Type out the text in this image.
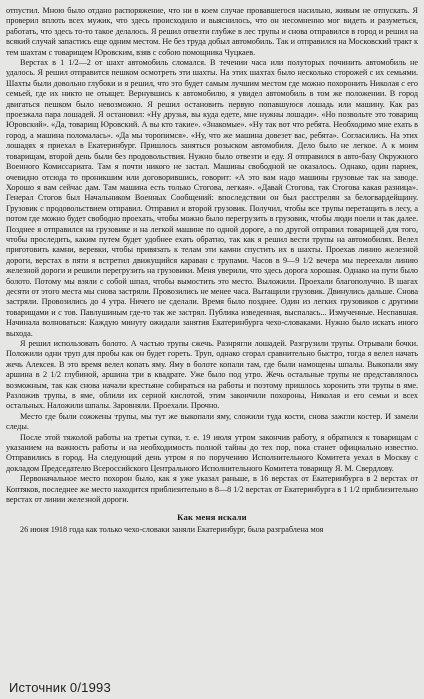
отпустил. Мною было отдано распоряжение, что ни в коем случае провавшегося насильно, живым не отпускать. Я проверил вплоть всех мужик, что здесь происходило и выяснилось, что он несомненно мог видеть и разуметься, работать, что здесь то-то такое делалось. Я решил отвезти глубже в лес трупы и снова отправился в город и решил на всякий случай запастись еще одним местом. Не без труда добыл автомобиль. Так и отправился на Московский тракт к тем шахтам с товарищем Юровским, взяв с собою помощника Чуцкаев.

Верстах в 1 1/2—2 от шахт автомобиль сломался. В течении часа или полуторых починить автомобиль не удалось. Я решил отправится пешком осмотреть эти шахты. На этих шахтах было несколько сторожей с их семьями. Шахты были довольно глубоки и я решил, что это будет самым лучшим местом где можно похоронить Николая с его семьей, где их никто не отыщет. Вернувшись к автомобилю, я увидел автомобиль в том же положении. В город двигаться пешком было невозможно. Я решил остановить первую попавшуюся лошадь или машину. Как раз проезжала пара лошадей. Я остановил: «Ну друзья, вы куда едете, мне нужны лошади». «Но позвольте это товарищ Юровский». «Да, товарищ Юровский. А вы кто такие». «Знакомые». «Ну так вот что ребята. Необходимо мне ехать в город, а машина поломалась». «Да мы торопимся». «Ну, что же машина довезет вас, ребята». Согласились. На этих лошадях я приехал в Екатеринбург. Пришлось заняться розыском автомобиля. Дело было не легкое. А к моим товарищам, второй день были без продовольствия. Нужно было отвезти и еду. Я отправился в авто-базу Окружного Военного Комиссариата. Там я почти никого не застал. Машины свободной не оказалось. Однако, один парнек, очевидно отсюда то проникшим или договорившись, говорит: «А это вам надо машины грузовые так на заводе. Хорошо я вам сейчас дам. Там машина есть только Стогова, легкая». «Давай Стогова, так Стогова какая разница». Генерал Стогов был Начальником Военных Сообщений: впоследствии он был расстрелян за белогвардейщину. Грузовик с продовольствием отправил. Отправил и второй грузовик. Получил, чтобы все трупы перетащить в лесу, а потом где можно будет свободно проехать, чтобы можно было перегрузить в грузовик, чтобы люди поели и так далее. Позднее я отправился на грузовике и на легкой машине по одной дороге, а по другой отправил товарищей для того, чтобы проследить, каким путем будет удобнее ехать обратно, так как я решил вести трупы на автомобилях. Велел приготовить камни, веревки, чтобы привязать к телам эти камни спустить их в шахты. Проехав линию железной дороги, верстах в пяти я встретил движущийся караван с трупами. Часов в 9—9 1/2 вечера мы переехали линию железной дороги и решили перегрузить на грузовики. Меня уверили, что здесь дорога хорошая. Однако на пути было болото. Потому мы взяли с собой шпал, чтобы вымостить это место. Выложили. Проехали благополучно. В шагах десяти от этого места мы снова застряли. Провозились не менее часа. Вытащили грузовик. Двинулись дальше. Снова застряли. Провозились до 4 утра. Ничего не сделали. Время было позднее. Один из легких грузовиков с другими товарищами и с тов. Павлушиным где-то так же застрял. Публика изведенная, выспалась... Измученные. Неспавшая. Начинала волноваться: Каждую минуту ожидали занятия Екатеринбурга чехо-словаками. Нужно было искать иного выхода.

Я решил использовать болото. А частью трупы сжечь. Разнрягли лошадей. Разгрузили трупы. Отрывали бочки. Положили одни труп для пробы как он будет гореть. Труп, однако сгорал сравнительно быстро, тогда я велел начать жечь Алексея. В это время велел копать яму. Яму в болоте копали там, где были намощены шпалы. Выкопали яму аршина в 2 1/2 глубиной, аршина три в квадрате. Уже было под утро. Жечь остальные трупы не представлялось возможным, так как снова начали крестьяне собираться на работы и поэтому пришлось хоронить эти трупы в яме. Разложив трупы, в яме, облили их серной кислотой, этим закончили похороны, Николая и его семьи и всех остальных. Наложили шпалы. Заровняли. Проехали. Прочно.

Место где были сожжены трупы, мы тут же выкопали яму, сложили туда кости, снова зажгли костер. И замели следы.

После этой тяжолой работы на третьи сутки, т. е. 19 июля утром закончив работу, я обратился к товарищам с указанием на важность работы и на необходимость полной тайны до тех пор, пока станет официально известно. Отправились в город. На следующий день утром я по поручению Исполнительного Комитета уехал в Москву с докладом Председателю Всероссийского Центрального Исполнительного Комитета товарищу Я. М. Свердлову.

Первоначальное место похорон было, как я уже указал раньше, в 16 верстах от Екатеринбурга в 2 верстах от Коптяков, последнее же место находится приблизительно в 8—8 1/2 верстах от Екатеринбурга в 1 1/2 приблизительно верстах от линии железной дороги.

Как меня искали

26 июня 1918 года как только чехо-словаки заняли Екатеринбург, была разграблена моя

Источник 0/1993
